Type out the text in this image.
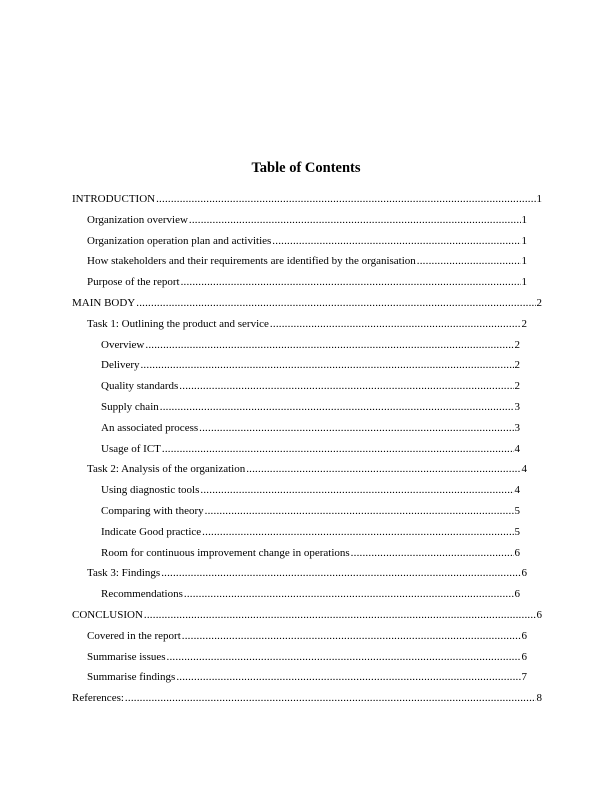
Table of Contents
INTRODUCTION .....	1
Organization overview .....	1
Organization operation plan and activities .....	1
How stakeholders and their requirements are identified by the organisation .....	1
Purpose of the report .....	1
MAIN BODY .....	2
Task 1: Outlining the product and service .....	2
Overview .....	2
Delivery .....	2
Quality standards .....	2
Supply chain .....	3
An associated process .....	3
Usage of ICT .....	4
Task 2: Analysis of the organization .....	4
Using diagnostic tools .....	4
Comparing with theory .....	5
Indicate Good practice .....	5
Room for continuous improvement change in operations .....	6
Task 3: Findings .....	6
Recommendations .....	6
CONCLUSION .....	6
Covered in the report .....	6
Summarise issues .....	6
Summarise findings .....	7
References: .....	8
